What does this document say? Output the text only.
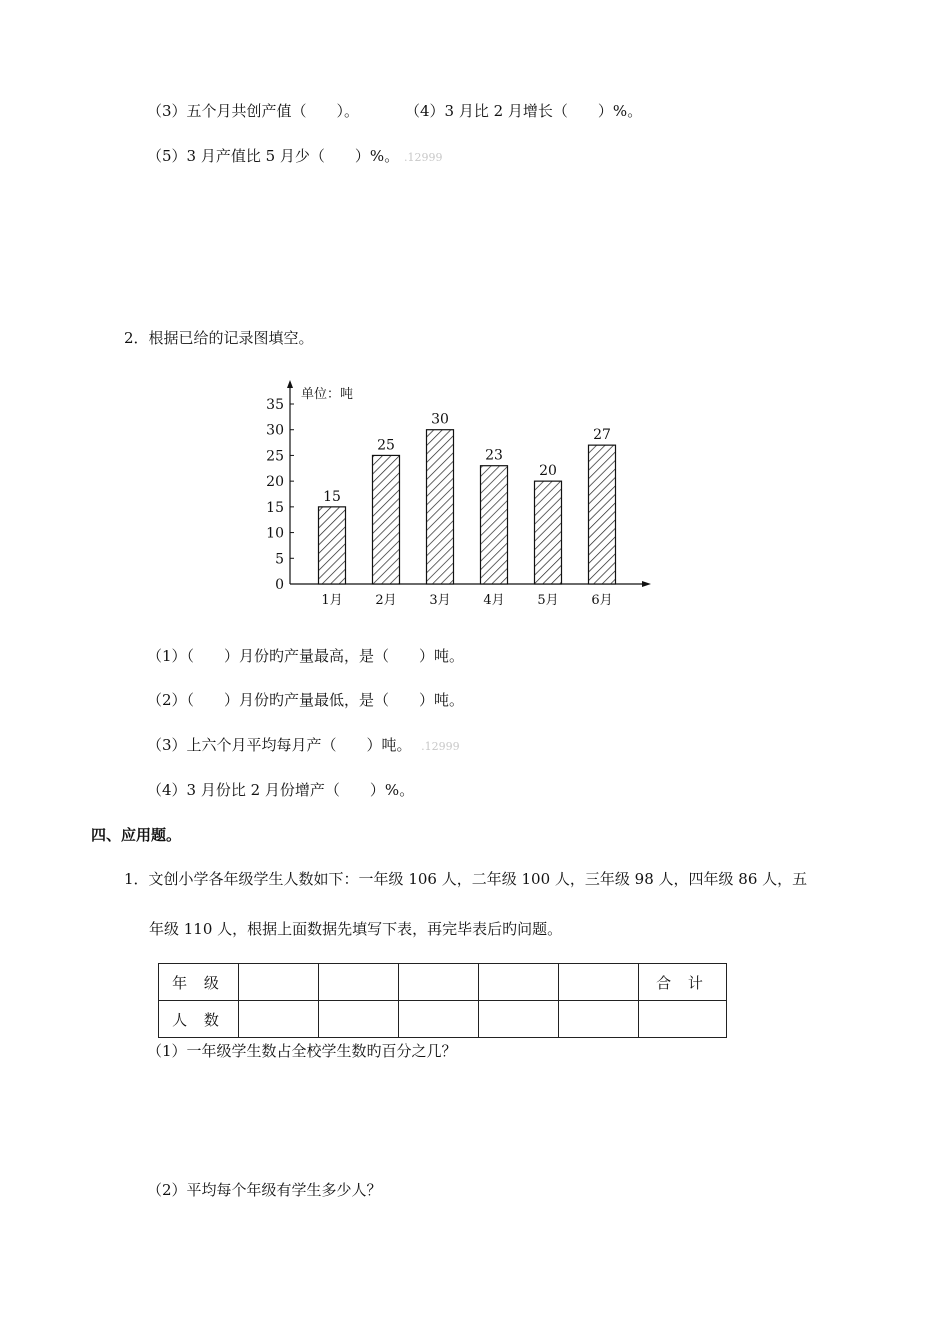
（3）五个月共创产值（　　）。	（4）3 月比 2 月增长（　　）%。
（5）3 月产值比 5 月少（　　）%。 .12999
2．根据已给的记录图填空。
单位：吨
0
5
10
15
20
25
30
35
15
1月
25
2月
30
3月
23
4月
20
5月
27
6月
（1）（　　）月份旳产量最高，是（　　）吨。
（2）（　　）月份旳产量最低，是（　　）吨。
（3）上六个月平均每月产（　　）吨。 .12999
（4）3 月份比 2 月份增产（　　）%。
四、应用题。
1．文创小学各年级学生人数如下：一年级 106 人，二年级 100 人，三年级 98 人，四年级 86 人，五
年级 110 人，根据上面数据先填写下表，再完毕表后旳问题。
年 级						合 计
人 数						
（1）一年级学生数占全校学生数旳百分之几？
（2）平均每个年级有学生多少人？
